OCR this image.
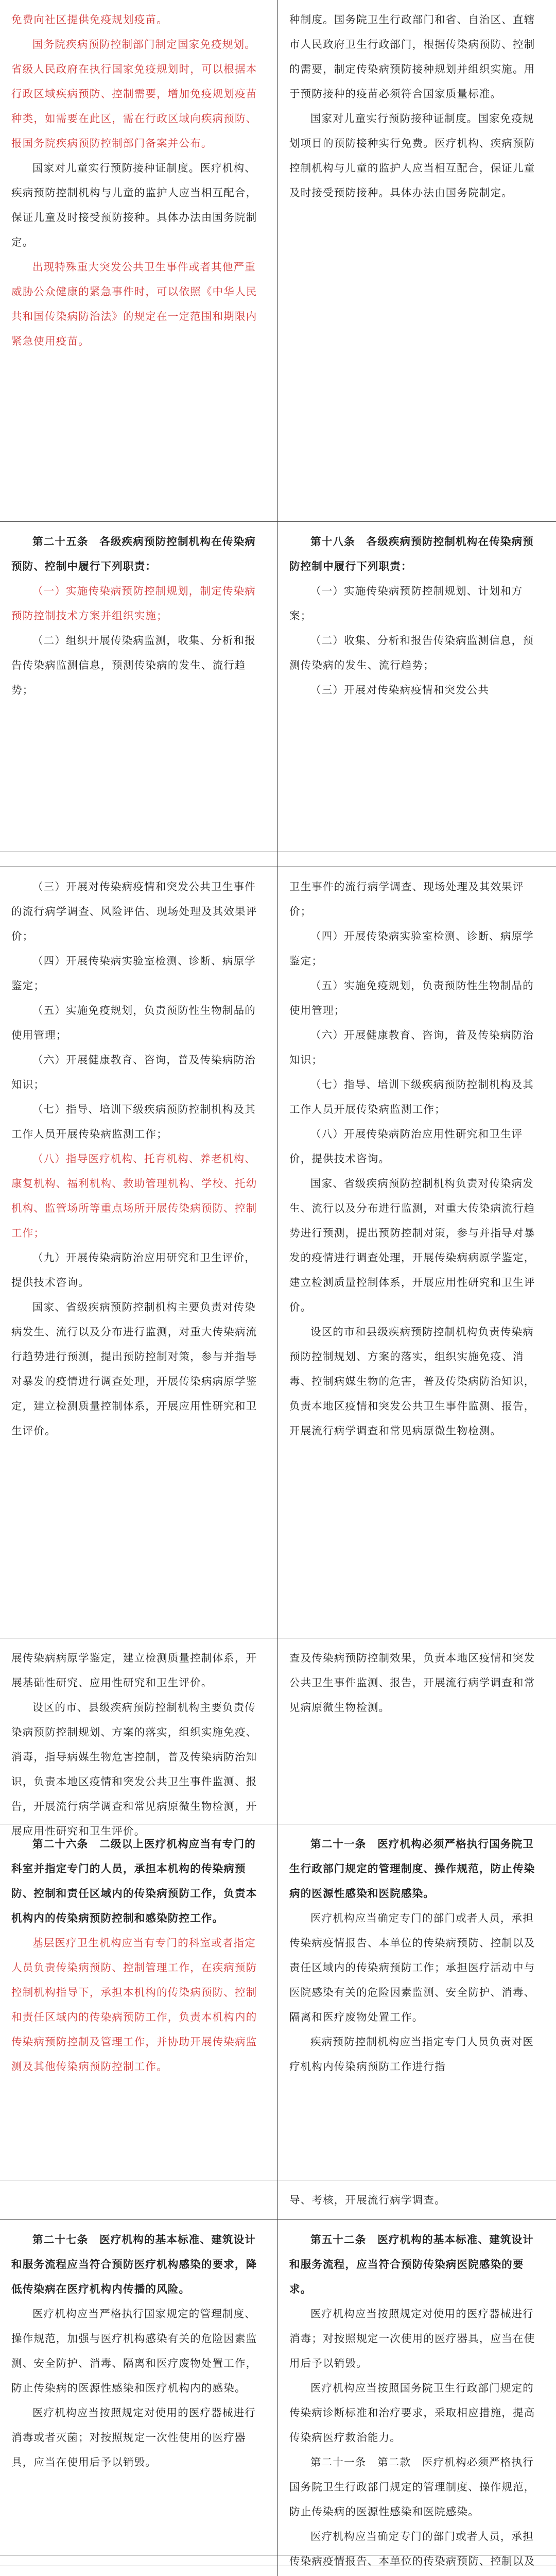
免费向社区提供免疫规划疫苗。

国务院疾病预防控制部门制定国家免疫规划。省级人民政府在执行国家免疫规划时，可以根据本行政区域疾病预防、控制需要，增加免疫规划疫苗种类，如需要在此区，需在行政区域向疾病预防、报国务院疾病预防控制部门备案并公布。

国家对儿童实行预防接种证制度。医疗机构、疾病预防控制机构与儿童的监护人应当相互配合，保证儿童及时接受预防接种。具体办法由国务院制定。

出现特殊重大突发公共卫生事件或者其他严重威胁公众健康的紧急事件时，可以依照《中华人民共和国传染病防治法》的规定在一定范围和期限内紧急使用疫苗。

种制度。国务院卫生行政部门和省、自治区、直辖市人民政府卫生行政部门，根据传染病预防、控制的需要，制定传染病预防接种规划并组织实施。用于预防接种的疫苗必须符合国家质量标准。

国家对儿童实行预防接种证制度。国家免疫规划项目的预防接种实行免费。医疗机构、疾病预防控制机构与儿童的监护人应当相互配合，保证儿童及时接受预防接种。具体办法由国务院制定。

第二十五条　各级疾病预防控制机构在传染病预防、控制中履行下列职责：

（一）实施传染病预防控制规划，制定传染病预防控制技术方案并组织实施；

（二）组织开展传染病监测，收集、分析和报告传染病监测信息，预测传染病的发生、流行趋势；

第十八条　各级疾病预防控制机构在传染病预防控制中履行下列职责：

（一）实施传染病预防控制规划、计划和方案；

（二）收集、分析和报告传染病监测信息，预测传染病的发生、流行趋势；

（三）开展对传染病疫情和突发公共

（三）开展对传染病疫情和突发公共卫生事件的流行病学调查、风险评估、现场处理及其效果评价；

（四）开展传染病实验室检测、诊断、病原学鉴定；

（五）实施免疫规划，负责预防性生物制品的使用管理；

（六）开展健康教育、咨询，普及传染病防治知识；

（七）指导、培训下级疾病预防控制机构及其工作人员开展传染病监测工作；

（八）指导医疗机构、托育机构、养老机构、康复机构、福利机构、救助管理机构、学校、托幼机构、监管场所等重点场所开展传染病预防、控制工作；

（九）开展传染病防治应用研究和卫生评价，提供技术咨询。

国家、省级疾病预防控制机构主要负责对传染病发生、流行以及分布进行监测，对重大传染病流行趋势进行预测，提出预防控制对策，参与并指导对暴发的疫情进行调查处理，开展传染病病原学鉴定，建立检测质量控制体系，开展应用性研究和卫生评价。

卫生事件的流行病学调查、现场处理及其效果评价；

（四）开展传染病实验室检测、诊断、病原学鉴定；

（五）实施免疫规划，负责预防性生物制品的使用管理；

（六）开展健康教育、咨询，普及传染病防治知识；

（七）指导、培训下级疾病预防控制机构及其工作人员开展传染病监测工作；

（八）开展传染病防治应用性研究和卫生评价，提供技术咨询。

国家、省级疾病预防控制机构负责对传染病发生、流行以及分布进行监测，对重大传染病流行趋势进行预测，提出预防控制对策，参与并指导对暴发的疫情进行调查处理，开展传染病病原学鉴定，建立检测质量控制体系，开展应用性研究和卫生评价。

设区的市和县级疾病预防控制机构负责传染病预防控制规划、方案的落实，组织实施免疫、消毒、控制病媒生物的危害，普及传染病防治知识，负责本地区疫情和突发公共卫生事件监测、报告，开展流行病学调查和常见病原微生物检测。

展传染病病原学鉴定，建立检测质量控制体系，开展基础性研究、应用性研究和卫生评价。

设区的市、县级疾病预防控制机构主要负责传染病预防控制规划、方案的落实，组织实施免疫、消毒，指导病媒生物危害控制，普及传染病防治知识，负责本地区疫情和突发公共卫生事件监测、报告，开展流行病学调查和常见病原微生物检测，开展应用性研究和卫生评价。

查及传染病预防控制效果，负责本地区疫情和突发公共卫生事件监测、报告，开展流行病学调查和常见病原微生物检测。

第二十六条　二级以上医疗机构应当有专门的科室并指定专门的人员，承担本机构的传染病预防、控制和责任区域内的传染病预防工作，负责本机构内的传染病预防控制和感染防控工作。

基层医疗卫生机构应当有专门的科室或者指定人员负责传染病预防、控制管理工作，在疾病预防控制机构指导下，承担本机构的传染病预防、控制和责任区域内的传染病预防工作，负责本机构内的传染病预防控制及管理工作，并协助开展传染病监测及其他传染病预防控制工作。

第二十一条　医疗机构必须严格执行国务院卫生行政部门规定的管理制度、操作规范，防止传染病的医源性感染和医院感染。

医疗机构应当确定专门的部门或者人员，承担传染病疫情报告、本单位的传染病预防、控制以及责任区域内的传染病预防工作；承担医疗活动中与医院感染有关的危险因素监测、安全防护、消毒、隔离和医疗废物处置工作。

疾病预防控制机构应当指定专门人员负责对医疗机构内传染病预防工作进行指

导、考核，开展流行病学调查。

第二十七条　医疗机构的基本标准、建筑设计和服务流程应当符合预防医疗机构感染的要求，降低传染病在医疗机构内传播的风险。

医疗机构应当严格执行国家规定的管理制度、操作规范，加强与医疗机构感染有关的危险因素监测、安全防护、消毒、隔离和医疗废物处置工作，防止传染病的医源性感染和医疗机构内的感染。

医疗机构应当按照规定对使用的医疗器械进行消毒或者灭菌；对按照规定一次性使用的医疗器具，应当在使用后予以销毁。

第五十二条　医疗机构的基本标准、建筑设计和服务流程，应当符合预防传染病医院感染的要求。

医疗机构应当按照规定对使用的医疗器械进行消毒；对按照规定一次使用的医疗器具，应当在使用后予以销毁。

医疗机构应当按照国务院卫生行政部门规定的传染病诊断标准和治疗要求，采取相应措施，提高传染病医疗救治能力。

第二十一条　第二款　医疗机构必须严格执行国务院卫生行政部门规定的管理制度、操作规范，防止传染病的医源性感染和医院感染。

医疗机构应当确定专门的部门或者人员，承担传染病疫情报告、本单位的传染病预防、控制以及
